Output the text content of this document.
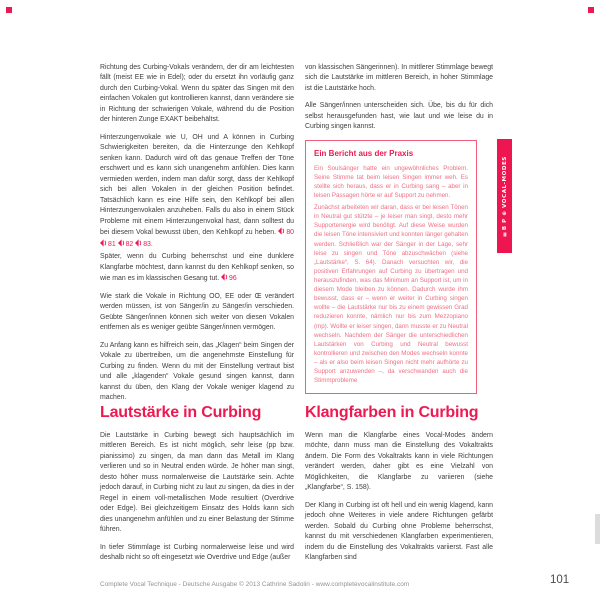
Richtung des Curbing-Vokals verändern, der dir am leichtesten fällt (meist EE wie in Edel); oder du ersetzt ihn vorläufig ganz durch den Curbing-Vokal. Wenn du später das Singen mit den einfachen Vokalen gut kontrollieren kannst, dann verändere sie in Richtung der schwierigen Vokale, während du die Position der hinteren Zunge EXAKT beibehältst.

Hinterzungenvokale wie U, OH und A können in Curbing Schwierigkeiten bereiten, da die Hinterzunge den Kehlkopf senken kann. Dadurch wird oft das genaue Treffen der Töne erschwert und es kann sich unangenehm anfühlen. Dies kann vermieden werden, indem man dafür sorgt, dass der Kehlkopf sich bei allen Vokalen in der gleichen Position befindet. Tatsächlich kann es eine Hilfe sein, den Kehlkopf bei allen Hinterzungenvokalen anzuheben. Falls du also in einem Stück Probleme mit einem Hinterzungenvokal hast, dann solltest du bei diesem Vokal bewusst üben, den Kehlkopf zu heben. 80 81 82 83.

Später, wenn du Curbing beherrschst und eine dunklere Klangfarbe möchtest, dann kannst du den Kehlkopf senken, so wie man es im klassischen Gesang tut. 96

Wie stark die Vokale in Richtung OO, EE oder Œ verändert werden müssen, ist von Sänger/in zu Sänger/in verschieden. Geübte Sänger/innen können sich weiter von diesen Vokalen entfernen als es weniger geübte Sänger/innen vermögen.

Zu Anfang kann es hilfreich sein, das „Klagen“ beim Singen der Vokale zu übertreiben, um die angenehmste Einstellung für Curbing zu finden. Wenn du mit der Einstellung vertraut bist und alle „klagenden“ Vokale gesund singen kannst, dann kannst du üben, den Klang der Vokale weniger klagend zu machen.

von klassischen Sängerinnen). In mittlerer Stimmlage bewegt sich die Lautstärke im mittleren Bereich, in hoher Stimmlage ist die Lautstärke hoch.

Alle Sänger/innen unterscheiden sich. Übe, bis du für dich selbst herausgefunden hast, wie laut und wie leise du in Curbing singen kannst.

Ein Bericht aus der Praxis

Ein Soulsänger hatte ein ungewöhnliches Problem. Seine Stimme tat beim leisen Singen immer weh. Es stellte sich heraus, dass er in Curbing sang – aber in leisen Passagen hörte er auf Support zu nehmen.

Zunächst arbeiteten wir daran, dass er bei leisen Tönen in Neutral gut stützte – je leiser man singt, desto mehr Supportenergie wird benötigt. Auf diese Weise wurden die leisen Töne intensiviert und konnten länger gehalten werden. Schließlich war der Sänger in der Lage, sehr leise zu singen und Töne abzuschwächen (siehe „Lautstärke“, S. 64). Danach versuchten wir, die positiven Erfahrungen auf Curbing zu übertragen und herauszufinden, was das Minimum an Support ist, um in diesem Mode bleiben zu können. Dadurch wurde ihm bewusst, dass er – wenn er weiter in Curbing singen wollte – die Lautstärke nur bis zu einem gewissen Grad reduzieren konnte, nämlich nur bis zum Mezzopiano (mp). Wollte er leiser singen, dann musste er zu Neutral wechseln. Nachdem der Sänger die unterschiedlichen Lautstärken von Curbing und Neutral bewusst kontrollieren und zwischen den Modes wechseln konnte – als er also beim leisen Singen nicht mehr aufhörte zu Support anzuwenden –, da verschwanden auch die Stimmprobleme

Lautstärke in Curbing

Die Lautstärke in Curbing bewegt sich hauptsächlich im mittleren Bereich. Es ist nicht möglich, sehr leise (pp bzw. pianissimo) zu singen, da man dann das Metall im Klang verlieren und so in Neutral enden würde. Je höher man singt, desto höher muss normalerweise die Lautstärke sein. Achte jedoch darauf, in Curbing nicht zu laut zu singen, da dies in der Regel in einem voll-metallischen Mode resultiert (Overdrive oder Edge). Bei gleichzeitigem Einsatz des Holds kann sich dies unangenehm anfühlen und zu einer Belastung der Stimme führen.

In tiefer Stimmlage ist Curbing normalerweise leise und wird deshalb nicht so oft eingesetzt wie Overdrive und Edge (außer

Klangfarben in Curbing

Wenn man die Klangfarbe eines Vocal-Modes ändern möchte, dann muss man die Einstellung des Vokaltrakts ändern. Die Form des Vokaltrakts kann in viele Richtungen verändert werden, daher gibt es eine Vielzahl von Möglichkeiten, die Klangfarbe zu variieren (siehe „Klangfarbe“, S. 158).

Der Klang in Curbing ist oft hell und ein wenig klagend, kann jedoch ohne Weiteres in viele andere Richtungen gefärbt werden. Sobald du Curbing ohne Probleme beherrschst, kannst du mit verschiedenen Klangfarben experimentieren, indem du die Einstellung des Vokaltrakts variierst. Fast alle Klangfarben sind

ⅡB P ⊕ VOCAL-MODES
Complete Vocal Technique - Deutsche Ausgabe © 2013 Cathrine Sadolin - www.completevocalinstitute.com	101
